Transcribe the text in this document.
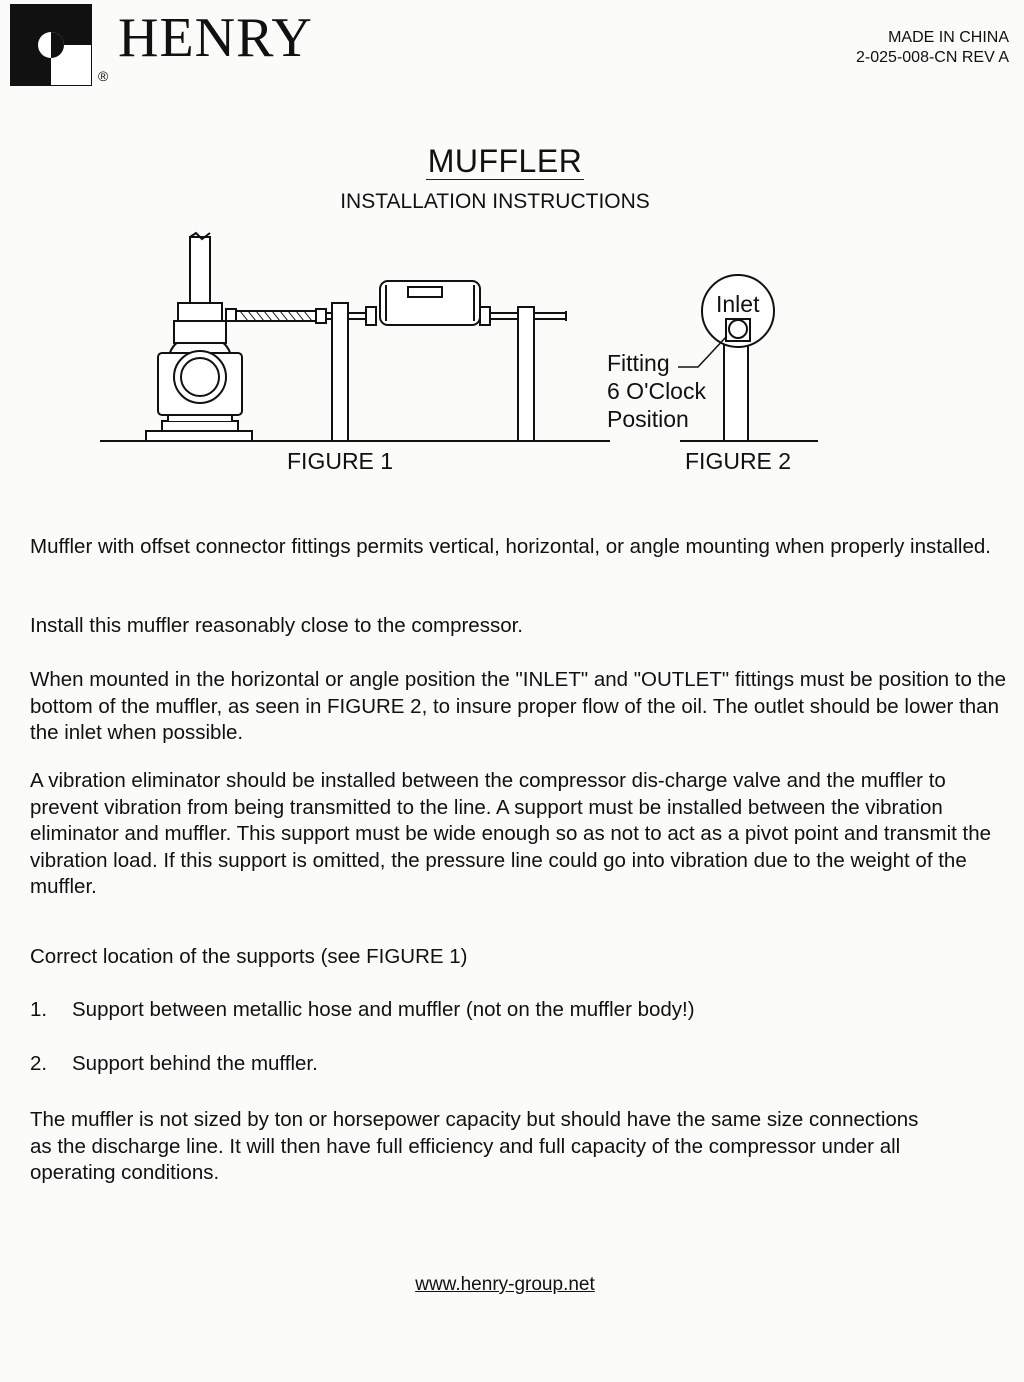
HENRY
®
MADE IN CHINA
2-025-008-CN REV A
MUFFLER
INSTALLATION INSTRUCTIONS
FIGURE 1	FIGURE 2
Inlet
Fitting
6 O'Clock
Position
Muffler with offset connector fittings permits vertical, horizontal, or angle mounting when properly installed.
Install this muffler reasonably close to the compressor.
When mounted in the horizontal or angle position the "INLET" and "OUTLET" fittings must be position to the bottom of the muffler, as seen in FIGURE 2, to insure proper flow of the oil. The outlet should be lower than the inlet when possible.
A vibration eliminator should be installed between the compressor dis-charge valve and the muffler to prevent vibration from being transmitted to the line. A support must be installed between the vibration eliminator and muffler. This support must be wide enough so as not to act as a pivot point and transmit the vibration load. If this support is omitted, the pressure line could go into vibration due to the weight of the muffler.
Correct location of the supports (see FIGURE 1)
1. Support between metallic hose and muffler (not on the muffler body!)
2. Support behind the muffler.
The muffler is not sized by ton or horsepower capacity but should have the same size connections as the discharge line. It will then have full efficiency and full capacity of the compressor under all operating conditions.
www.henry-group.net
